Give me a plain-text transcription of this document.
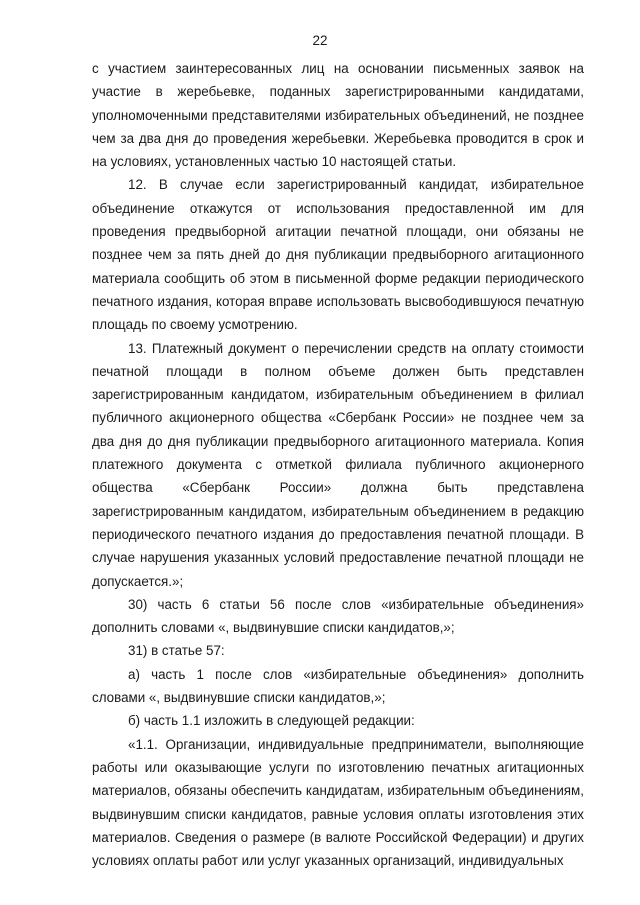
22

с участием заинтересованных лиц на основании письменных заявок на участие в жеребьевке, поданных зарегистрированными кандидатами, уполномоченными представителями избирательных объединений, не позднее чем за два дня до проведения жеребьевки. Жеребьевка проводится в срок и на условиях, установленных частью 10 настоящей статьи.

12. В случае если зарегистрированный кандидат, избирательное объединение откажутся от использования предоставленной им для проведения предвыборной агитации печатной площади, они обязаны не позднее чем за пять дней до дня публикации предвыборного агитационного материала сообщить об этом в письменной форме редакции периодического печатного издания, которая вправе использовать высвободившуюся печатную площадь по своему усмотрению.

13. Платежный документ о перечислении средств на оплату стоимости печатной площади в полном объеме должен быть представлен зарегистрированным кандидатом, избирательным объединением в филиал публичного акционерного общества «Сбербанк России» не позднее чем за два дня до дня публикации предвыборного агитационного материала. Копия платежного документа с отметкой филиала публичного акционерного общества «Сбербанк России» должна быть представлена зарегистрированным кандидатом, избирательным объединением в редакцию периодического печатного издания до предоставления печатной площади. В случае нарушения указанных условий предоставление печатной площади не допускается.»;

30) часть 6 статьи 56 после слов «избирательные объединения» дополнить словами «, выдвинувшие списки кандидатов,»;

31) в статье 57:

а) часть 1 после слов «избирательные объединения» дополнить словами «, выдвинувшие списки кандидатов,»;

б) часть 1.1 изложить в следующей редакции:

«1.1. Организации, индивидуальные предприниматели, выполняющие работы или оказывающие услуги по изготовлению печатных агитационных материалов, обязаны обеспечить кандидатам, избирательным объединениям, выдвинувшим списки кандидатов, равные условия оплаты изготовления этих материалов. Сведения о размере (в валюте Российской Федерации) и других условиях оплаты работ или услуг указанных организаций, индивидуальных
